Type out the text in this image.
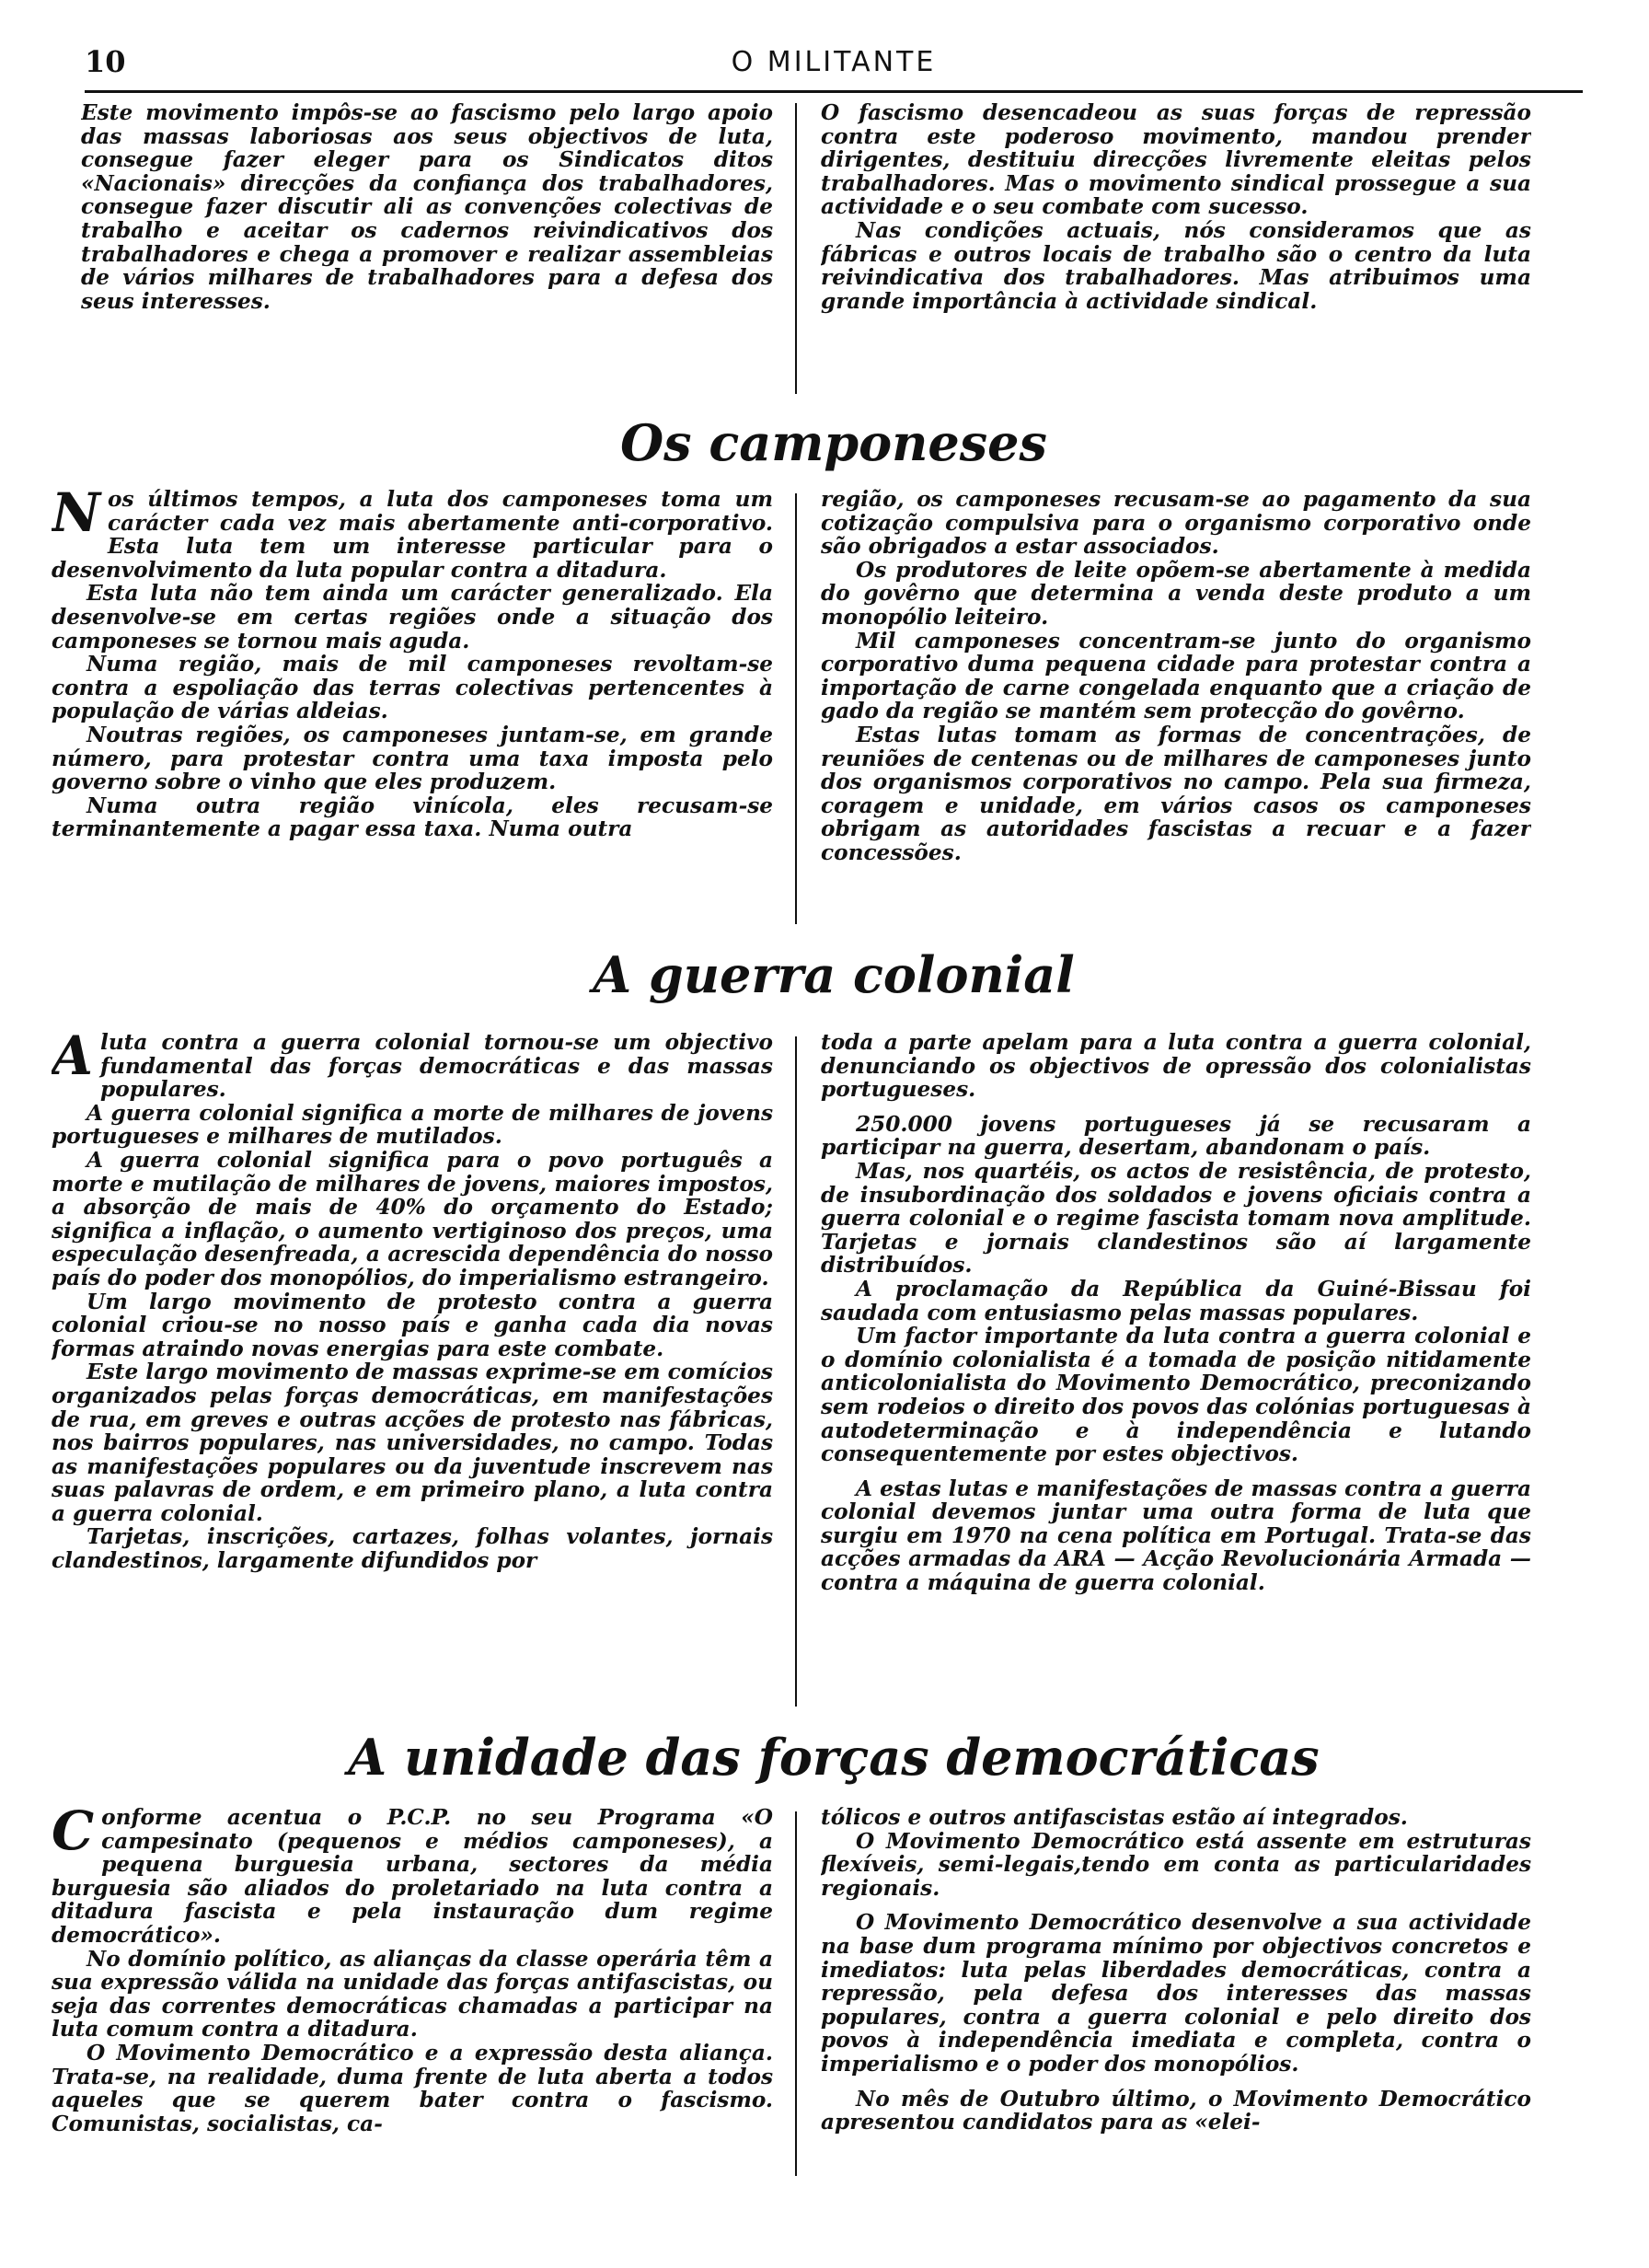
10	O MILITANTE

Este movimento impôs-se ao fascismo pelo largo apoio das massas laboriosas aos seus objectivos de luta, consegue fazer eleger para os Sindicatos ditos «Nacionais» direcções da confiança dos trabalhadores, consegue fazer discutir ali as convenções colectivas de trabalho e aceitar os cadernos reivindicativos dos trabalhadores e chega a promover e realizar assembleias de vários milhares de trabalhadores para a defesa dos seus interesses.

O fascismo desencadeou as suas forças de repressão contra este poderoso movimento, mandou prender dirigentes, destituiu direcções livremente eleitas pelos trabalhadores. Mas o movimento sindical prossegue a sua actividade e o seu combate com sucesso.

Nas condições actuais, nós consideramos que as fábricas e outros locais de trabalho são o centro da luta reivindicativa dos trabalhadores. Mas atribuimos uma grande importância à actividade sindical.

Os camponeses

Nos últimos tempos, a luta dos camponeses toma um carácter cada vez mais abertamente anti-corporativo. Esta luta tem um interesse particular para o desenvolvimento da luta popular contra a ditadura.

Esta luta não tem ainda um carácter generalizado. Ela desenvolve-se em certas regiões onde a situação dos camponeses se tornou mais aguda.

Numa região, mais de mil camponeses revoltam-se contra a espoliação das terras colectivas pertencentes à população de várias aldeias.

Noutras regiões, os camponeses juntam-se, em grande número, para protestar contra uma taxa imposta pelo governo sobre o vinho que eles produzem.

Numa outra região vinícola, eles recusam-se terminantemente a pagar essa taxa. Numa outra

região, os camponeses recusam-se ao pagamento da sua cotização compulsiva para o organismo corporativo onde são obrigados a estar associados.

Os produtores de leite opõem-se abertamente à medida do govêrno que determina a venda deste produto a um monopólio leiteiro.

Mil camponeses concentram-se junto do organismo corporativo duma pequena cidade para protestar contra a importação de carne congelada enquanto que a criação de gado da região se mantém sem protecção do govêrno.

Estas lutas tomam as formas de concentrações, de reuniões de centenas ou de milhares de camponeses junto dos organismos corporativos no campo. Pela sua firmeza, coragem e unidade, em vários casos os camponeses obrigam as autoridades fascistas a recuar e a fazer concessões.

A guerra colonial

Aluta contra a guerra colonial tornou-se um objectivo fundamental das forças democráticas e das massas populares.

A guerra colonial significa a morte de milhares de jovens portugueses e milhares de mutilados.

A guerra colonial significa para o povo português a morte e mutilação de milhares de jovens, maiores impostos, a absorção de mais de 40% do orçamento do Estado; significa a inflação, o aumento vertiginoso dos preços, uma especulação desenfreada, a acrescida dependência do nosso país do poder dos monopólios, do imperialismo estrangeiro.

Um largo movimento de protesto contra a guerra colonial criou-se no nosso país e ganha cada dia novas formas atraindo novas energias para este combate.

Este largo movimento de massas exprime-se em comícios organizados pelas forças democráticas, em manifestações de rua, em greves e outras acções de protesto nas fábricas, nos bairros populares, nas universidades, no campo. Todas as manifestações populares ou da juventude inscrevem nas suas palavras de ordem, e em primeiro plano, a luta contra a guerra colonial.

Tarjetas, inscrições, cartazes, folhas volantes, jornais clandestinos, largamente difundidos por

toda a parte apelam para a luta contra a guerra colonial, denunciando os objectivos de opressão dos colonialistas portugueses.

250.000 jovens portugueses já se recusaram a participar na guerra, desertam, abandonam o país.

Mas, nos quartéis, os actos de resistência, de protesto, de insubordinação dos soldados e jovens oficiais contra a guerra colonial e o regime fascista tomam nova amplitude. Tarjetas e jornais clandestinos são aí largamente distribuídos.

A proclamação da República da Guiné-Bissau foi saudada com entusiasmo pelas massas populares.

Um factor importante da luta contra a guerra colonial e o domínio colonialista é a tomada de posição nitidamente anticolonialista do Movimento Democrático, preconizando sem rodeios o direito dos povos das colónias portuguesas à autodeterminação e à independência e lutando consequentemente por estes objectivos.

A estas lutas e manifestações de massas contra a guerra colonial devemos juntar uma outra forma de luta que surgiu em 1970 na cena política em Portugal. Trata-se das acções armadas da ARA — Acção Revolucionária Armada — contra a máquina de guerra colonial.

A unidade das forças democráticas

Conforme acentua o P.C.P. no seu Programa «O campesinato (pequenos e médios camponeses), a pequena burguesia urbana, sectores da média burguesia são aliados do proletariado na luta contra a ditadura fascista e pela instauração dum regime democrático».

No domínio político, as alianças da classe operária têm a sua expressão válida na unidade das forças antifascistas, ou seja das correntes democráticas chamadas a participar na luta comum contra a ditadura.

O Movimento Democrático e a expressão desta aliança. Trata-se, na realidade, duma frente de luta aberta a todos aqueles que se querem bater contra o fascismo. Comunistas, socialistas, ca-

tólicos e outros antifascistas estão aí integrados.

O Movimento Democrático está assente em estruturas flexíveis, semi-legais,tendo em conta as particularidades regionais.

O Movimento Democrático desenvolve a sua actividade na base dum programa mínimo por objectivos concretos e imediatos: luta pelas liberdades democráticas, contra a repressão, pela defesa dos interesses das massas populares, contra a guerra colonial e pelo direito dos povos à independência imediata e completa, contra o imperialismo e o poder dos monopólios.

No mês de Outubro último, o Movimento Democrático apresentou candidatos para as «elei-
